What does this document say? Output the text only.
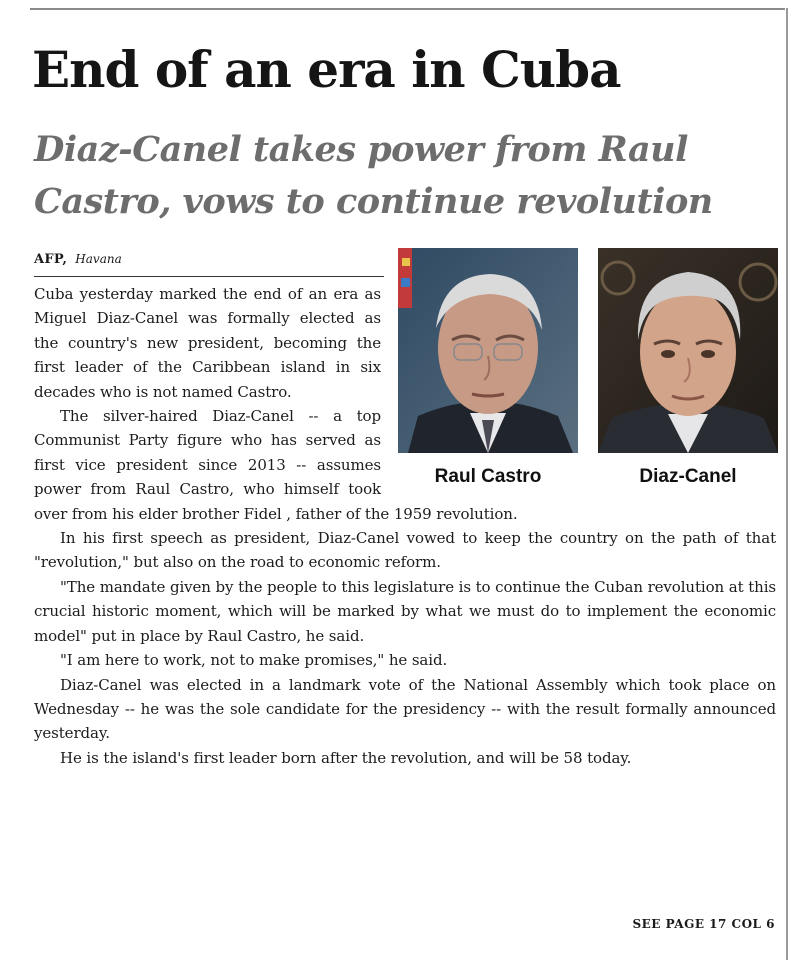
End of an era in Cuba
Diaz-Canel takes power from Raul Castro, vows to continue revolution
AFP, Havana
Raul Castro	Diaz-Canel

Cuba yesterday marked the end of an era as Miguel Diaz-Canel was formally elected as the country's new president, becoming the first leader of the Caribbean island in six decades who is not named Castro.

The silver-haired Diaz-Canel -- a top Communist Party figure who has served as first vice president since 2013 -- assumes power from Raul Castro, who himself took over from his elder brother Fidel , father of the 1959 revolution.

In his first speech as president, Diaz-Canel vowed to keep the country on the path of that "revolution," but also on the road to economic reform.

"The mandate given by the people to this legislature is to continue the Cuban revolution at this crucial historic moment, which will be marked by what we must do to implement the economic model" put in place by Raul Castro, he said.

"I am here to work, not to make promises," he said.

Diaz-Canel was elected in a landmark vote of the National Assembly which took place on Wednesday -- he was the sole candidate for the presidency -- with the result formally announced yesterday.

He is the island's first leader born after the revolution, and will be 58 today.

SEE PAGE 17 COL 6
